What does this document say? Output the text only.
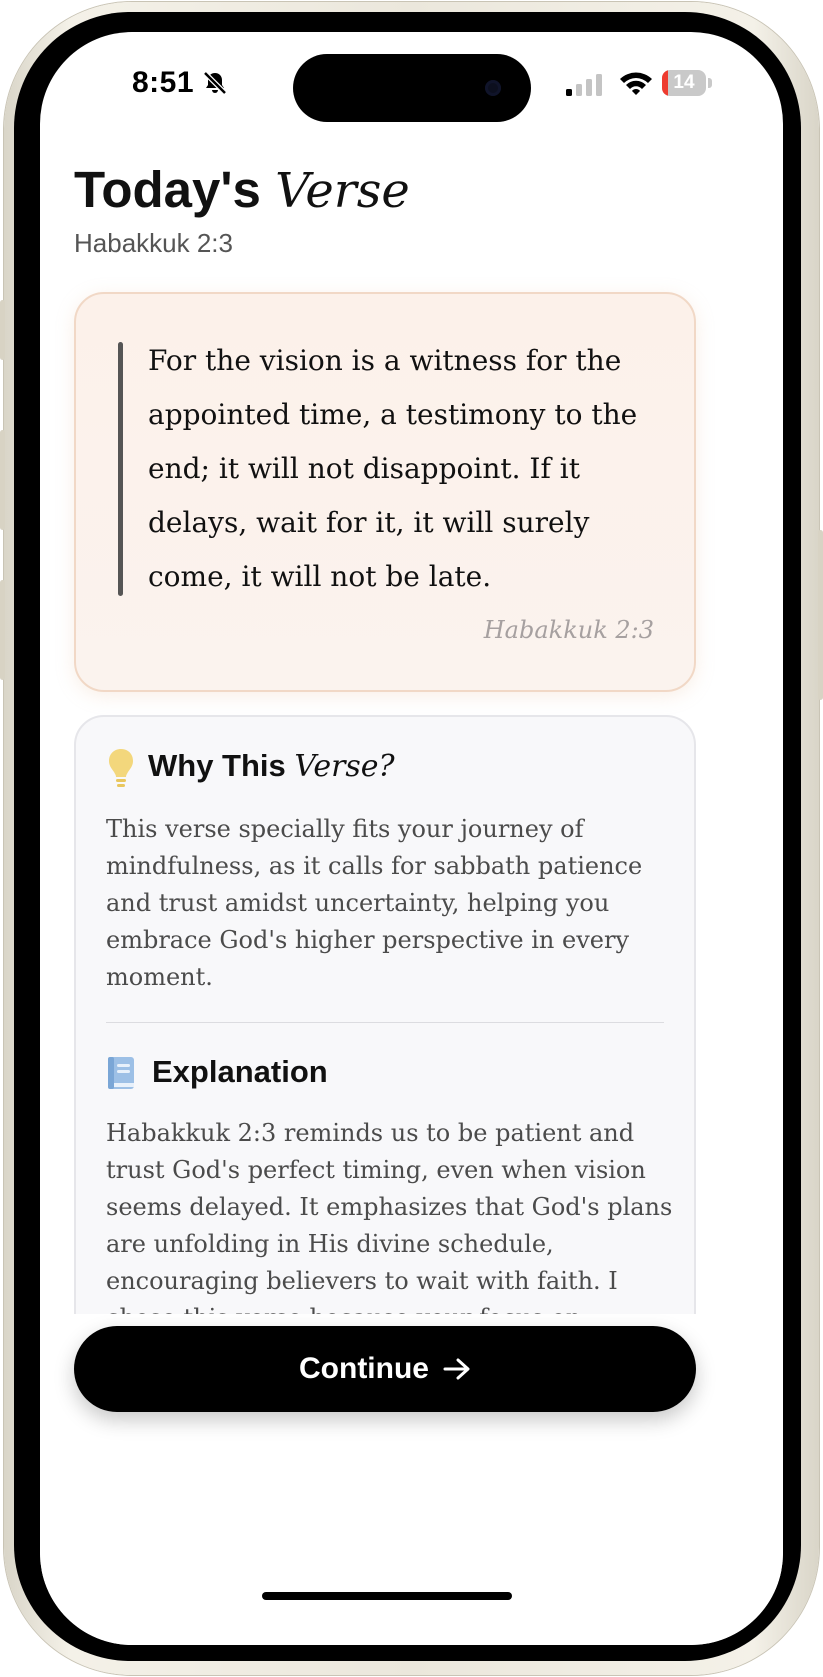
8:51	14
Today's Verse
Habakkuk 2:3
For the vision is a witness for the appointed time, a testimony to the end; it will not disappoint. If it delays, wait for it, it will surely come, it will not be late.
Habakkuk 2:3
Why This Verse?
This verse specially fits your journey of mindfulness, as it calls for sabbath patience and trust amidst uncertainty, helping you embrace God's higher perspective in every moment.
Explanation
Habakkuk 2:3 reminds us to be patient and trust God's perfect timing, even when vision seems delayed. It emphasizes that God's plans are unfolding in His divine schedule, encouraging believers to wait with faith. I
Continue
